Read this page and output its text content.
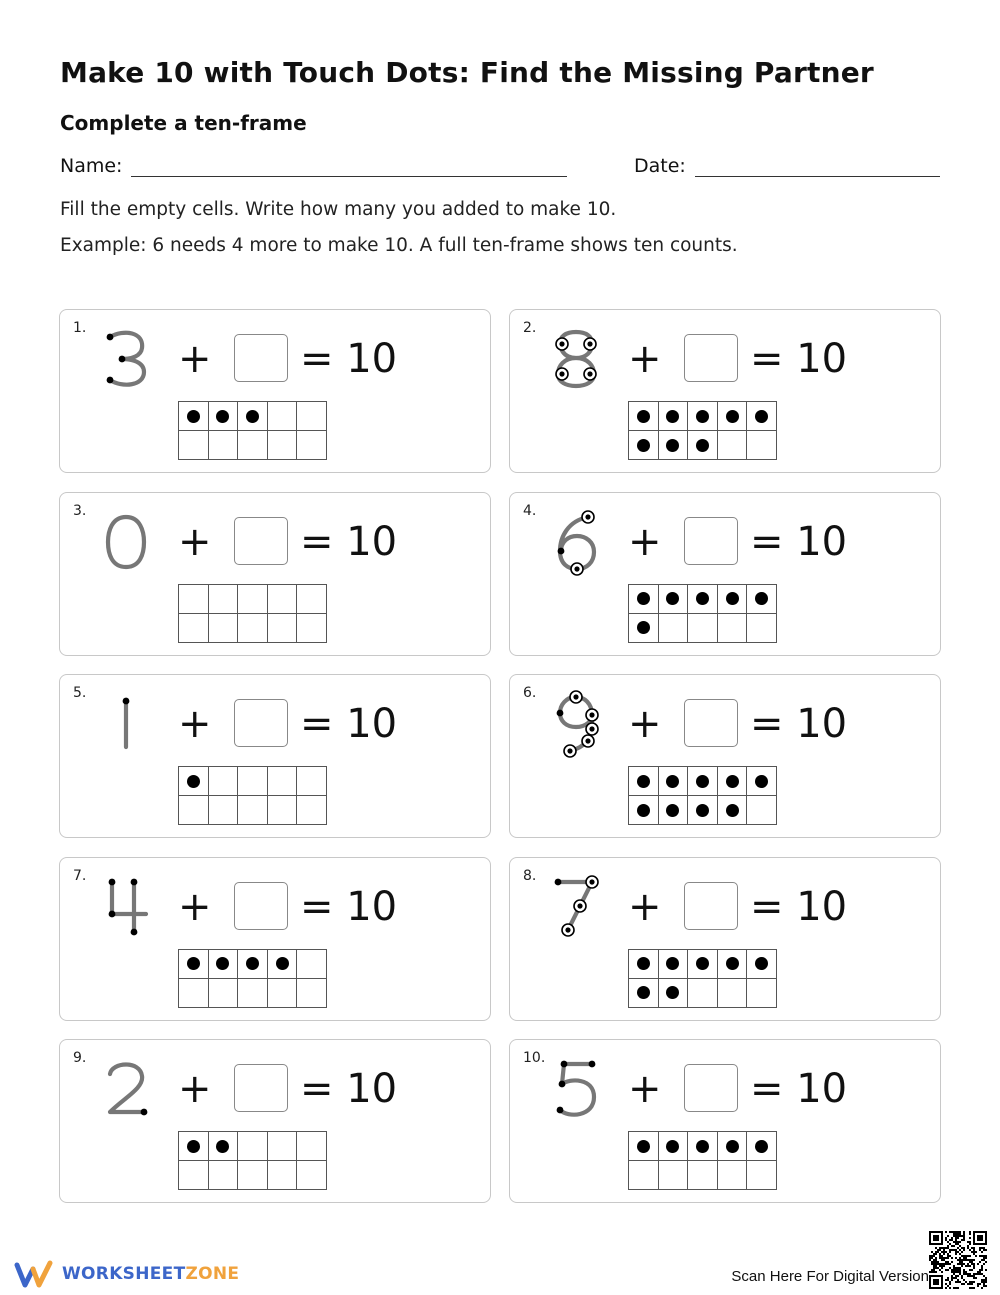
Make 10 with Touch Dots: Find the Missing Partner
Complete a ten-frame
Name:	Date:

Fill the empty cells. Write how many you added to make 10.

Example: 6 needs 4 more to make 10. A full ten-frame shows ten counts.

1.
+ = 10
2.
+ = 10
3.
+ = 10
4.
+ = 10
5.
+ = 10
6.
+ = 10
7.
+ = 10
8.
+ = 10
9.
+ = 10
10.
+ = 10
WORKSHEETZONE	Scan Here For Digital Version
